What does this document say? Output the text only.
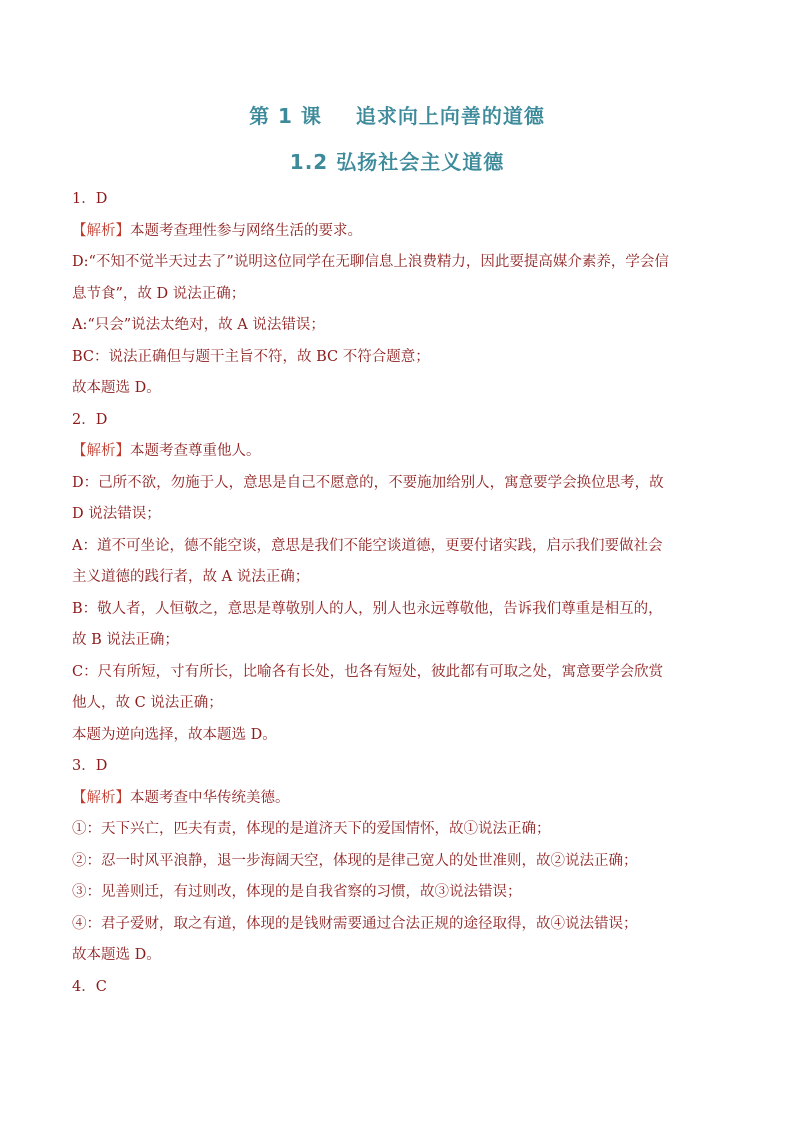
第 1 课 追求向上向善的道德
1.2 弘扬社会主义道德
1．D
【解析】本题考查理性参与网络生活的要求。
D:“不知不觉半天过去了”说明这位同学在无聊信息上浪费精力，因此要提高媒介素养，学会信
息节食”，故 D 说法正确；
A:“只会”说法太绝对，故 A 说法错误；
BC：说法正确但与题干主旨不符，故 BC 不符合题意；
故本题选 D。
2．D
【解析】本题考查尊重他人。
D：己所不欲，勿施于人，意思是自己不愿意的，不要施加给别人，寓意要学会换位思考，故
D 说法错误；
A：道不可坐论，德不能空谈，意思是我们不能空谈道德，更要付诸实践，启示我们要做社会
主义道德的践行者，故 A 说法正确；
B：敬人者，人恒敬之，意思是尊敬别人的人，别人也永远尊敬他，告诉我们尊重是相互的，
故 B 说法正确；
C：尺有所短，寸有所长，比喻各有长处，也各有短处，彼此都有可取之处，寓意要学会欣赏
他人，故 C 说法正确；
本题为逆向选择，故本题选 D。
3．D
【解析】本题考查中华传统美德。
①：天下兴亡，匹夫有责，体现的是道济天下的爱国情怀，故①说法正确；
②：忍一时风平浪静，退一步海阔天空，体现的是律己宽人的处世准则，故②说法正确；
③：见善则迁，有过则改，体现的是自我省察的习惯，故③说法错误；
④：君子爱财，取之有道，体现的是钱财需要通过合法正规的途径取得，故④说法错误；
故本题选 D。
4．C
